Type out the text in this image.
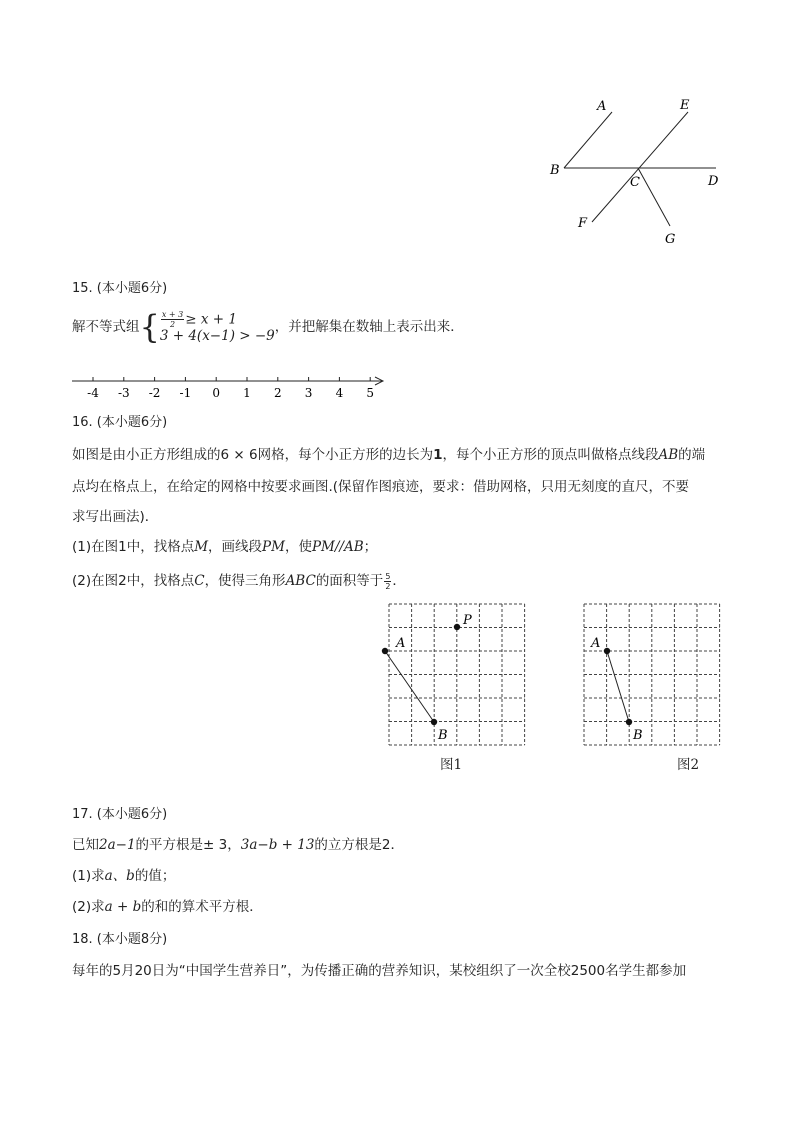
A	E
B
C	D
F
G
15. (本小题6分)
解不等式组{ $\frac{x + 3}{2} \ge x + 1$
3 + 4(x−1) > −9
，并把解集在数轴上表示出来．
-4 -3 -2 -1 0 1 2 3 4 5
16. (本小题6分)
如图是由小正方形组成的6 × 6网格，每个小正方形的边长为1，每个小正方形的顶点叫做格点线段AB的端
点均在格点上，在给定的网格中按要求画图.(保留作图痕迹，要求：借助网格，只用无刻度的直尺，不要
求写出画法)．
(1)在图1中，找格点M，画线段PM，使PM//AB；
(2)在图2中，找格点C，使得三角形ABC的面积等于 $\frac{5}{2}$ ．
A
B
P
图1
A
B
图2
17. (本小题6分)
已知2a−1的平方根是± 3，3a−b + 13的立方根是2．
(1)求a、b的值；
(2)求a + b的和的算术平方根．
18. (本小题8分)
每年的5月20日为“中国学生营养日”，为传播正确的营养知识，某校组织了一次全校2500名学生都参加
